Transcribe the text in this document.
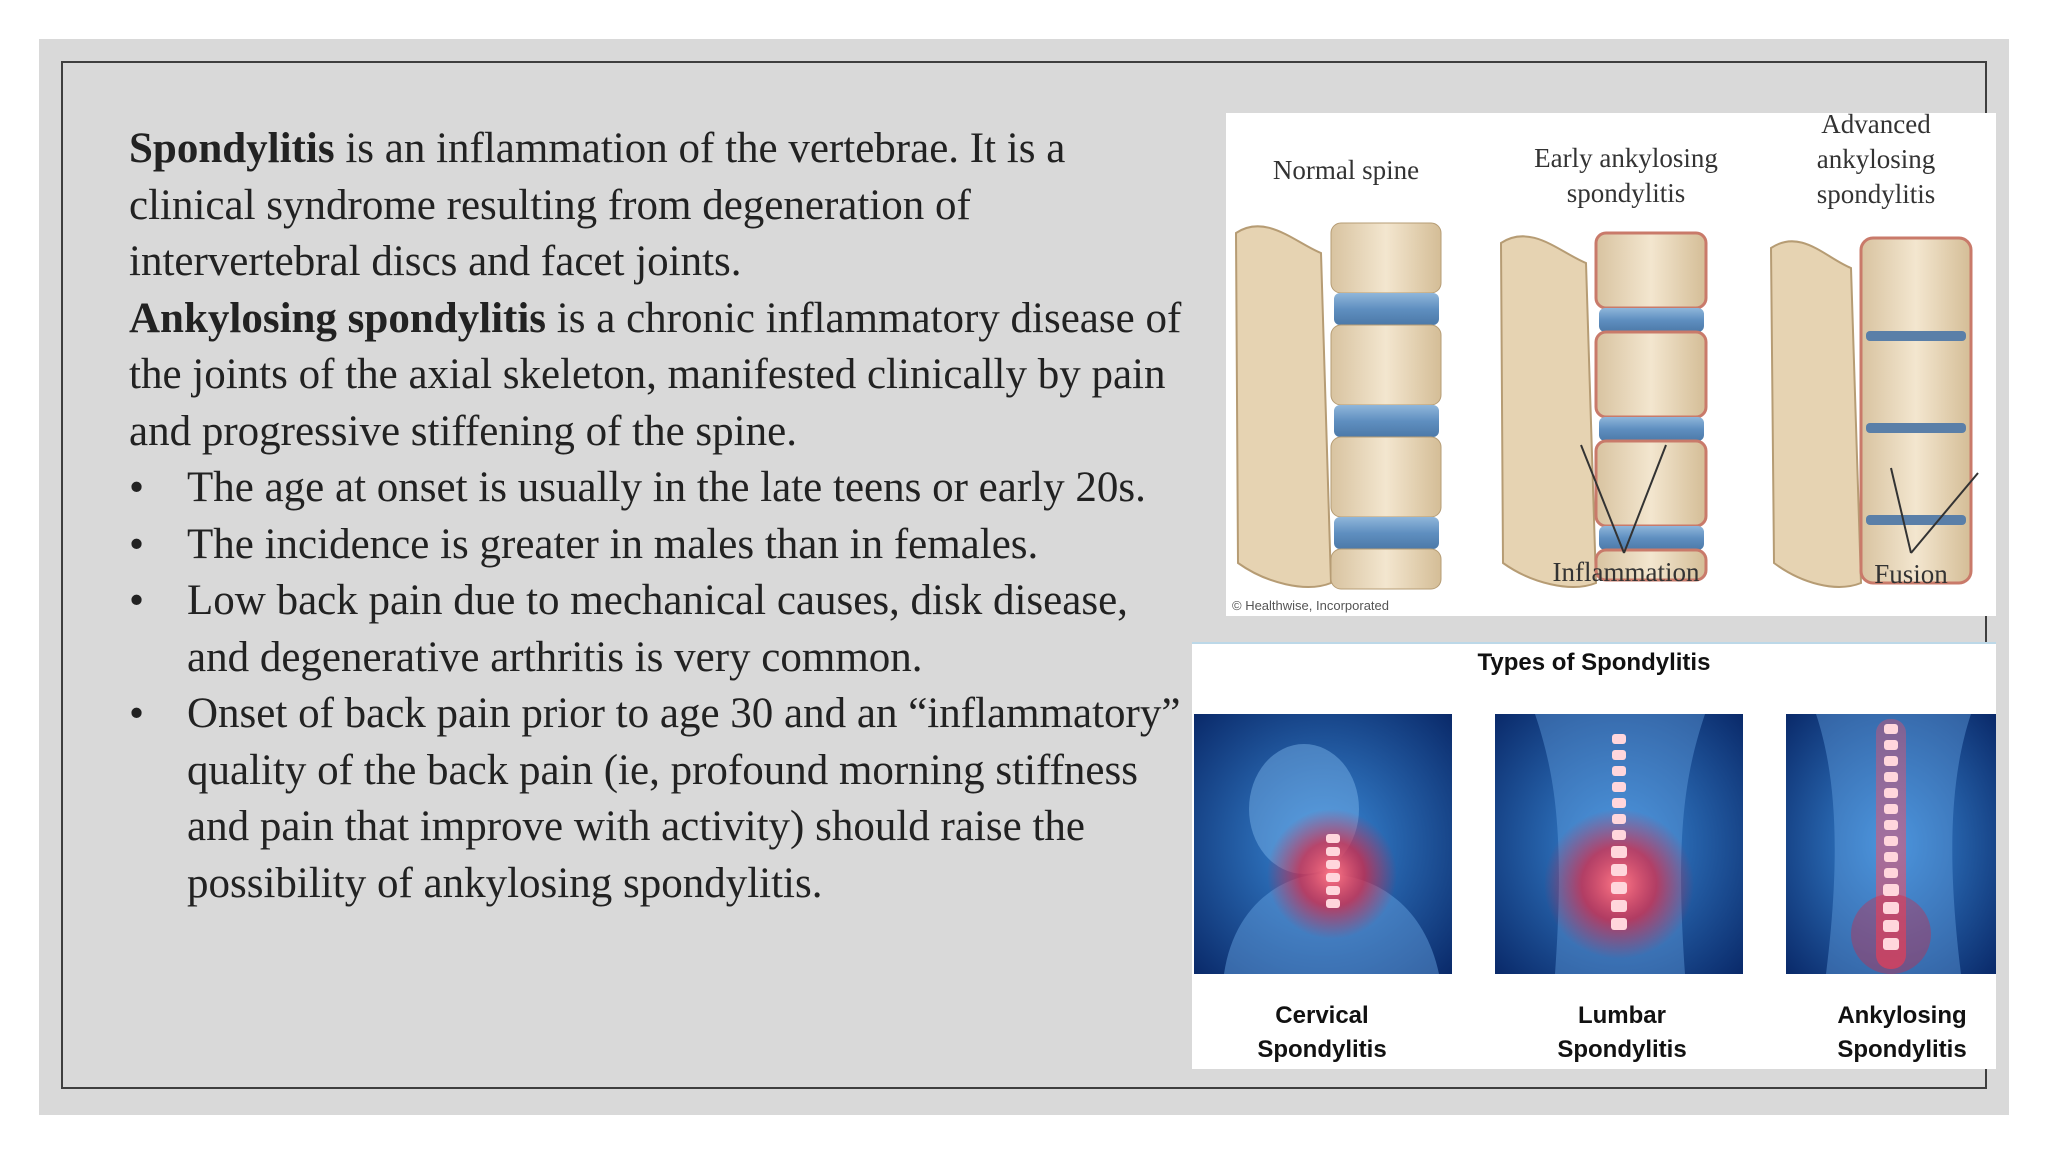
Spondylitis is an inflammation of the vertebrae. It is a clinical syndrome resulting from degeneration of intervertebral discs and facet joints.

Ankylosing spondylitis is a chronic inflammatory disease of the joints of the axial skeleton, manifested clinically by pain and progressive stiffening of the spine.

• The age at onset is usually in the late teens or early 20s.
• The incidence is greater in males than in females.
• Low back pain due to mechanical causes, disk disease, and degenerative arthritis is very common.
• Onset of back pain prior to age 30 and an “inflammatory” quality of the back pain (ie, profound morning stiffness and pain that improve with activity) should raise the possibility of ankylosing spondylitis.
Normal spine	Early ankylosing spondylitis
Advanced ankylosing spondylitis
Inflammation	Fusion
© Healthwise, Incorporated
Types of Spondylitis
Cervical
Spondylitis
Lumbar
Spondylitis
Ankylosing
Spondylitis
